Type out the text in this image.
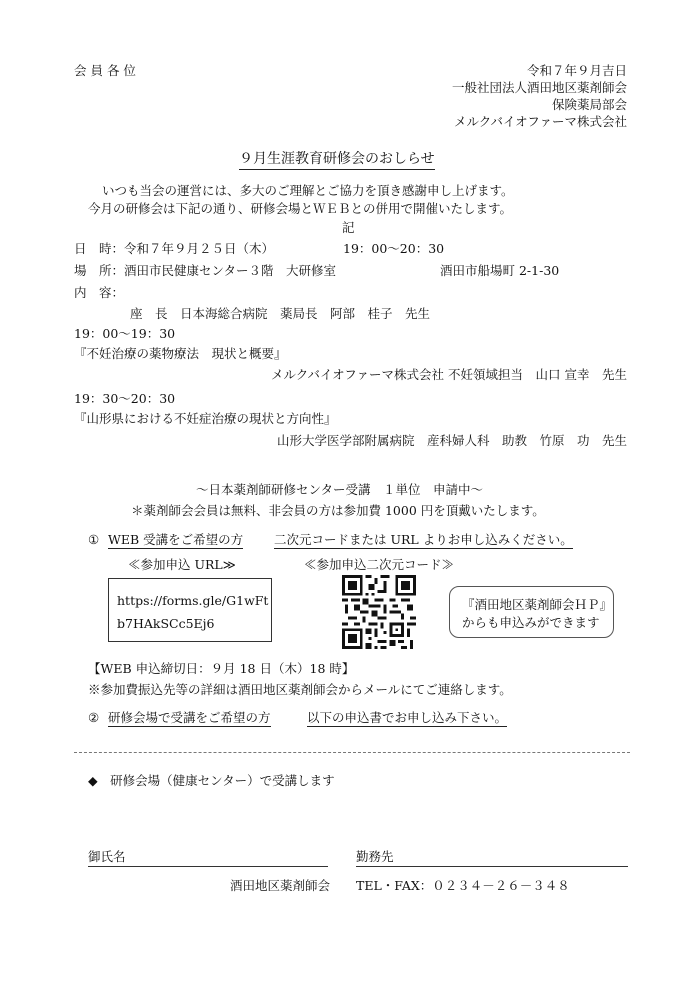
会 員 各 位	令和７年９月吉日
一般社団法人酒田地区薬剤師会
保険薬局部会
メルクバイオファーマ株式会社
９月生涯教育研修会のおしらせ
いつも当会の運営には、多大のご理解とご協力を頂き感謝申し上げます。
今月の研修会は下記の通り、研修会場とＷＥＢとの併用で開催いたします。
記
日　時：令和７年９月２５日（木）	19：00〜20：30
場　所：酒田市民健康センター３階　大研修室	酒田市船場町 2-1-30
内　容：
座　長　日本海総合病院　薬局長　阿部　桂子　先生
19：00〜19：30
『不妊治療の薬物療法　現状と概要』
メルクバイオファーマ株式会社 不妊領域担当　山口 宣幸　先生
19：30〜20：30
『山形県における不妊症治療の現状と方向性』
山形大学医学部附属病院　産科婦人科　助教　竹原　功　先生
〜日本薬剤師研修センター受講　１単位　申請中〜
＊薬剤師会会員は無料、非会員の方は参加費 1000 円を頂戴いたします。
① WEB 受講をご希望の方 二次元コードまたは URL よりお申し込みください。
≪参加申込 URL≫	≪参加申込二次元コード≫
https://forms.gle/G1wFt
b7HAkSCc5Ej6
『酒田地区薬剤師会ＨＰ』
からも申込みができます
【WEB 申込締切日：９月 18 日（木）18 時】
※参加費振込先等の詳細は酒田地区薬剤師会からメールにてご連絡します。
② 研修会場で受講をご希望の方	以下の申込書でお申し込み下さい。
◆　研修会場（健康センター）で受講します
御氏名	勤務先
酒田地区薬剤師会 TEL・FAX：０２３４－２６－３４８
